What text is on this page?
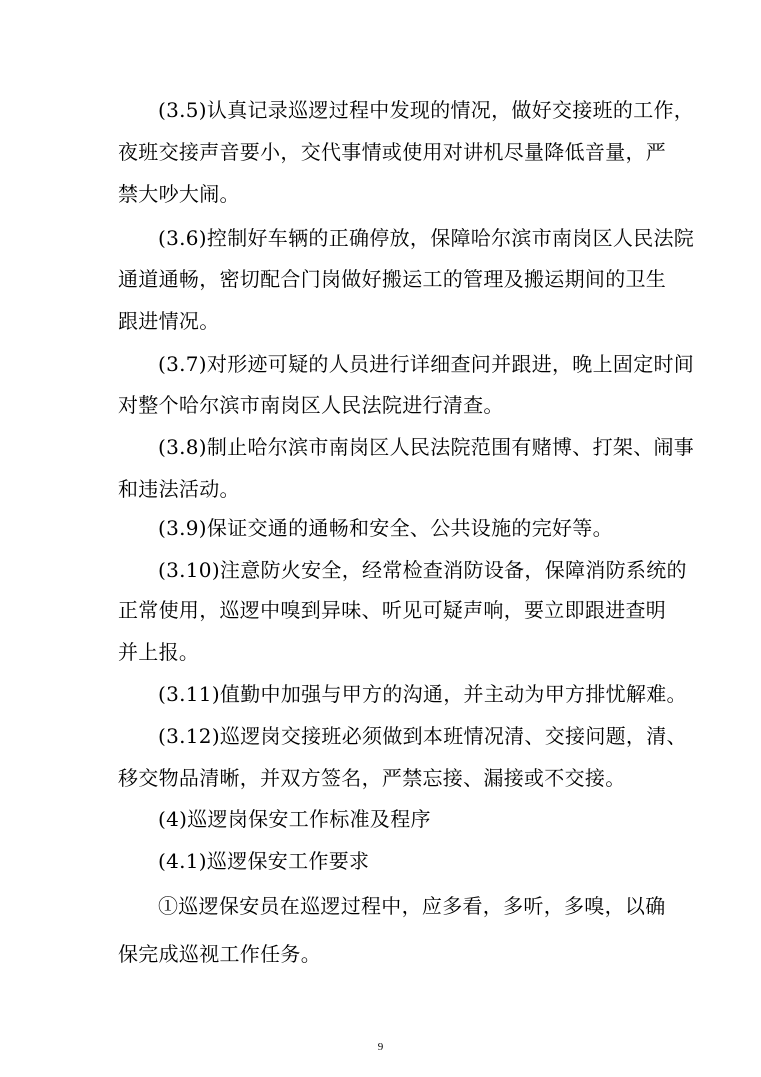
(3.5)认真记录巡逻过程中发现的情况，做好交接班的工作，
夜班交接声音要小，交代事情或使用对讲机尽量降低音量，严
禁大吵大闹。
(3.6)控制好车辆的正确停放，保障哈尔滨市南岗区人民法院
通道通畅，密切配合门岗做好搬运工的管理及搬运期间的卫生
跟进情况。
(3.7)对形迹可疑的人员进行详细查问并跟进，晚上固定时间
对整个哈尔滨市南岗区人民法院进行清查。
(3.8)制止哈尔滨市南岗区人民法院范围有赌博、打架、闹事
和违法活动。
(3.9)保证交通的通畅和安全、公共设施的完好等。
(3.10)注意防火安全，经常检查消防设备，保障消防系统的
正常使用，巡逻中嗅到异味、听见可疑声响，要立即跟进查明
并上报。
(3.11)值勤中加强与甲方的沟通，并主动为甲方排忧解难。
(3.12)巡逻岗交接班必须做到本班情况清、交接问题，清、
移交物品清晰，并双方签名，严禁忘接、漏接或不交接。
(4)巡逻岗保安工作标准及程序
(4.1)巡逻保安工作要求
➀巡逻保安员在巡逻过程中，应多看，多听，多嗅，以确
保完成巡视工作任务。
9
